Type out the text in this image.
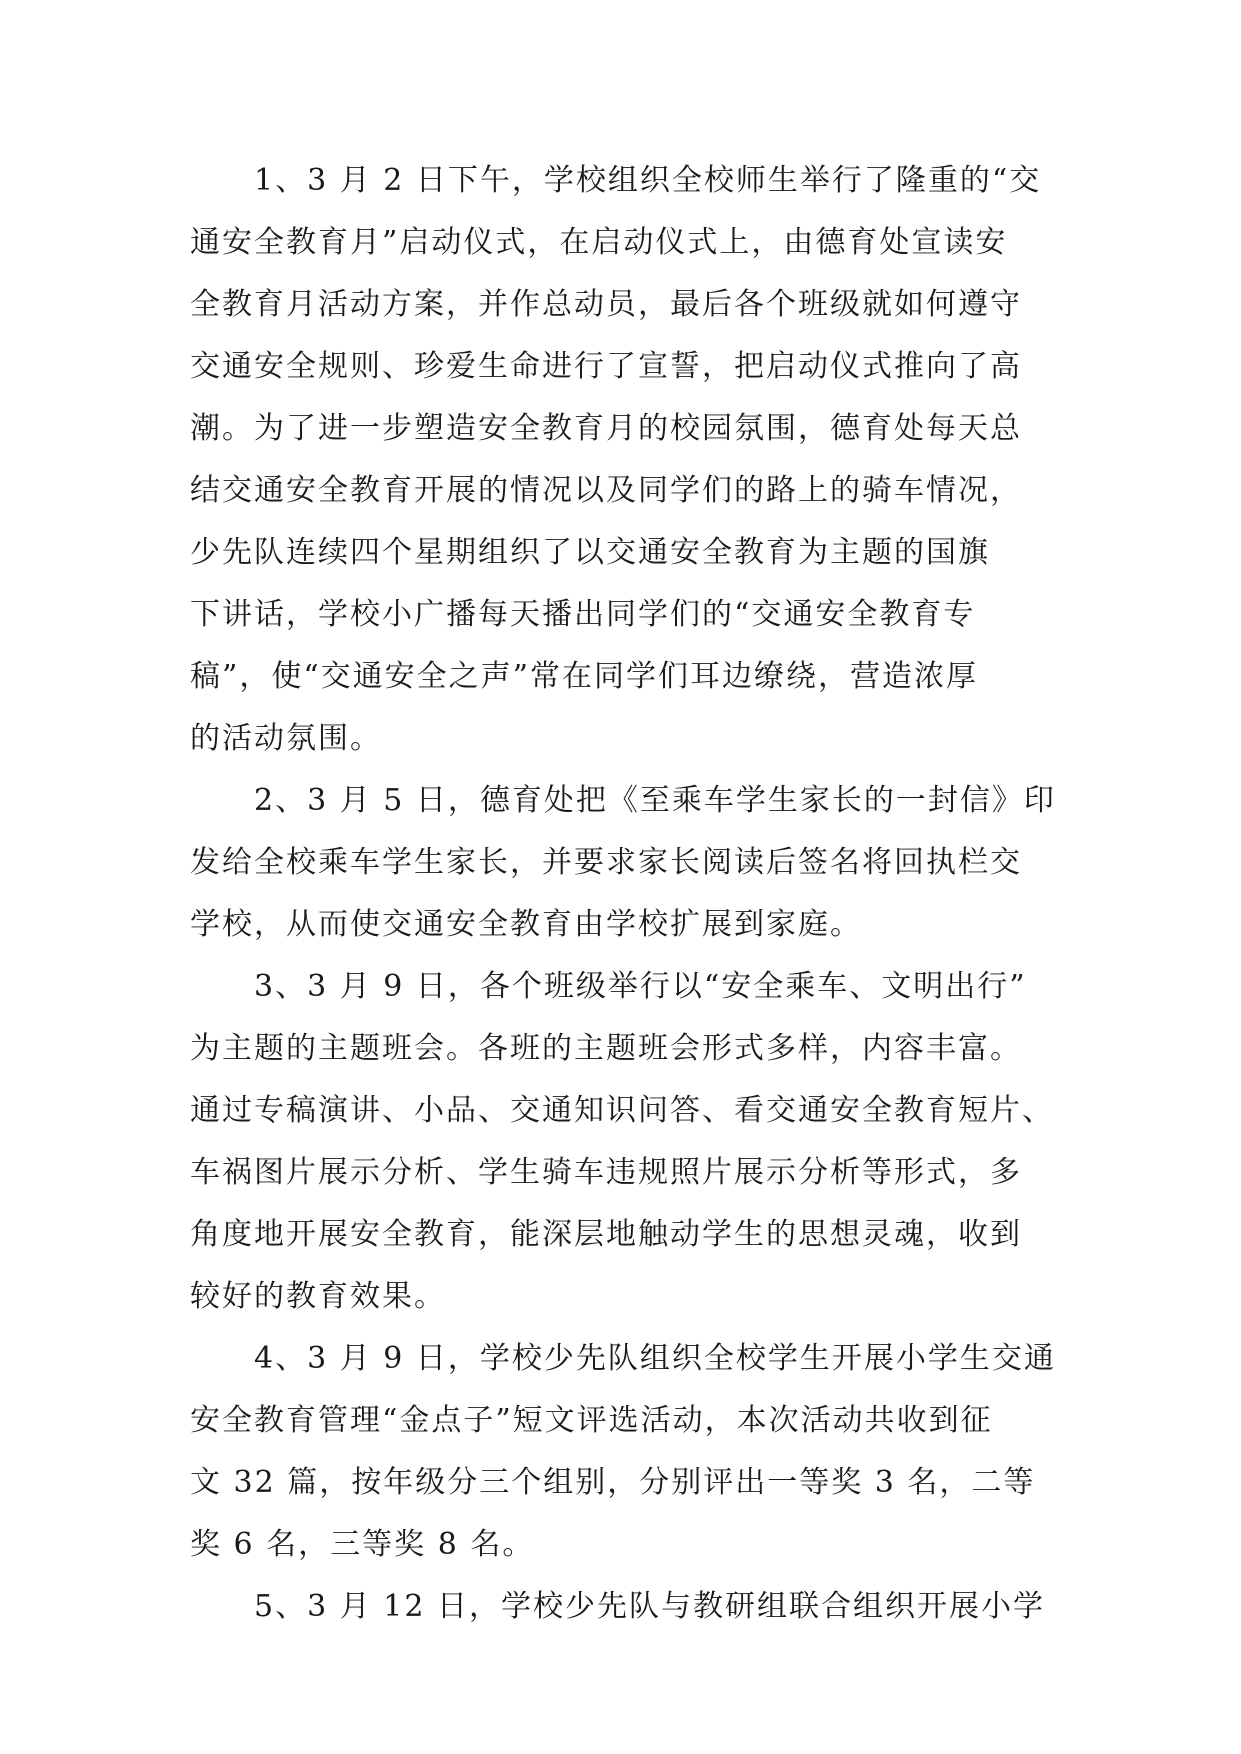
　　1、3 月 2 日下午，学校组织全校师生举行了隆重的“交
通安全教育月”启动仪式，在启动仪式上，由德育处宣读安
全教育月活动方案，并作总动员，最后各个班级就如何遵守
交通安全规则、珍爱生命进行了宣誓，把启动仪式推向了高
潮。为了进一步塑造安全教育月的校园氛围，德育处每天总
结交通安全教育开展的情况以及同学们的路上的骑车情况，
少先队连续四个星期组织了以交通安全教育为主题的国旗
下讲话，学校小广播每天播出同学们的“交通安全教育专
稿”，使“交通安全之声”常在同学们耳边缭绕，营造浓厚
的活动氛围。
　　2、3 月 5 日，德育处把《至乘车学生家长的一封信》印
发给全校乘车学生家长，并要求家长阅读后签名将回执栏交
学校，从而使交通安全教育由学校扩展到家庭。
　　3、3 月 9 日，各个班级举行以“安全乘车、文明出行”
为主题的主题班会。各班的主题班会形式多样，内容丰富。
通过专稿演讲、小品、交通知识问答、看交通安全教育短片、
车祸图片展示分析、学生骑车违规照片展示分析等形式，多
角度地开展安全教育，能深层地触动学生的思想灵魂，收到
较好的教育效果。
　　4、3 月 9 日，学校少先队组织全校学生开展小学生交通
安全教育管理“金点子”短文评选活动，本次活动共收到征
文 32 篇，按年级分三个组别，分别评出一等奖 3 名，二等
奖 6 名，三等奖 8 名。
　　5、3 月 12 日，学校少先队与教研组联合组织开展小学
